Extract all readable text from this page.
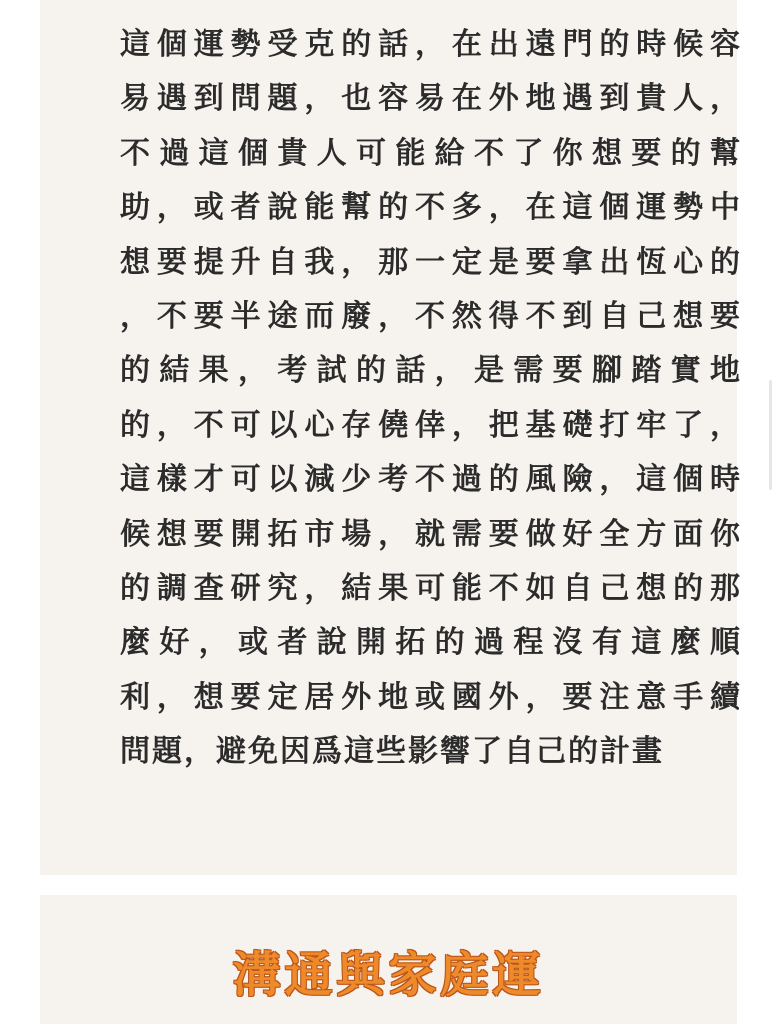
這個運勢受克的話，在出遠門的時候容
易遇到問題，也容易在外地遇到貴人，
不過這個貴人可能給不了你想要的幫
助，或者說能幫的不多，在這個運勢中
想要提升自我，那一定是要拿出恆心的
，不要半途而廢，不然得不到自己想要
的結果，考試的話，是需要腳踏實地
的，不可以心存僥倖，把基礎打牢了，
這樣才可以減少考不過的風險，這個時
候想要開拓市場，就需要做好全方面你
的調查研究，結果可能不如自己想的那
麼好，或者說開拓的過程沒有這麼順
利，想要定居外地或國外，要注意手續
問題，避免因爲這些影響了自己的計畫
溝通與家庭運
